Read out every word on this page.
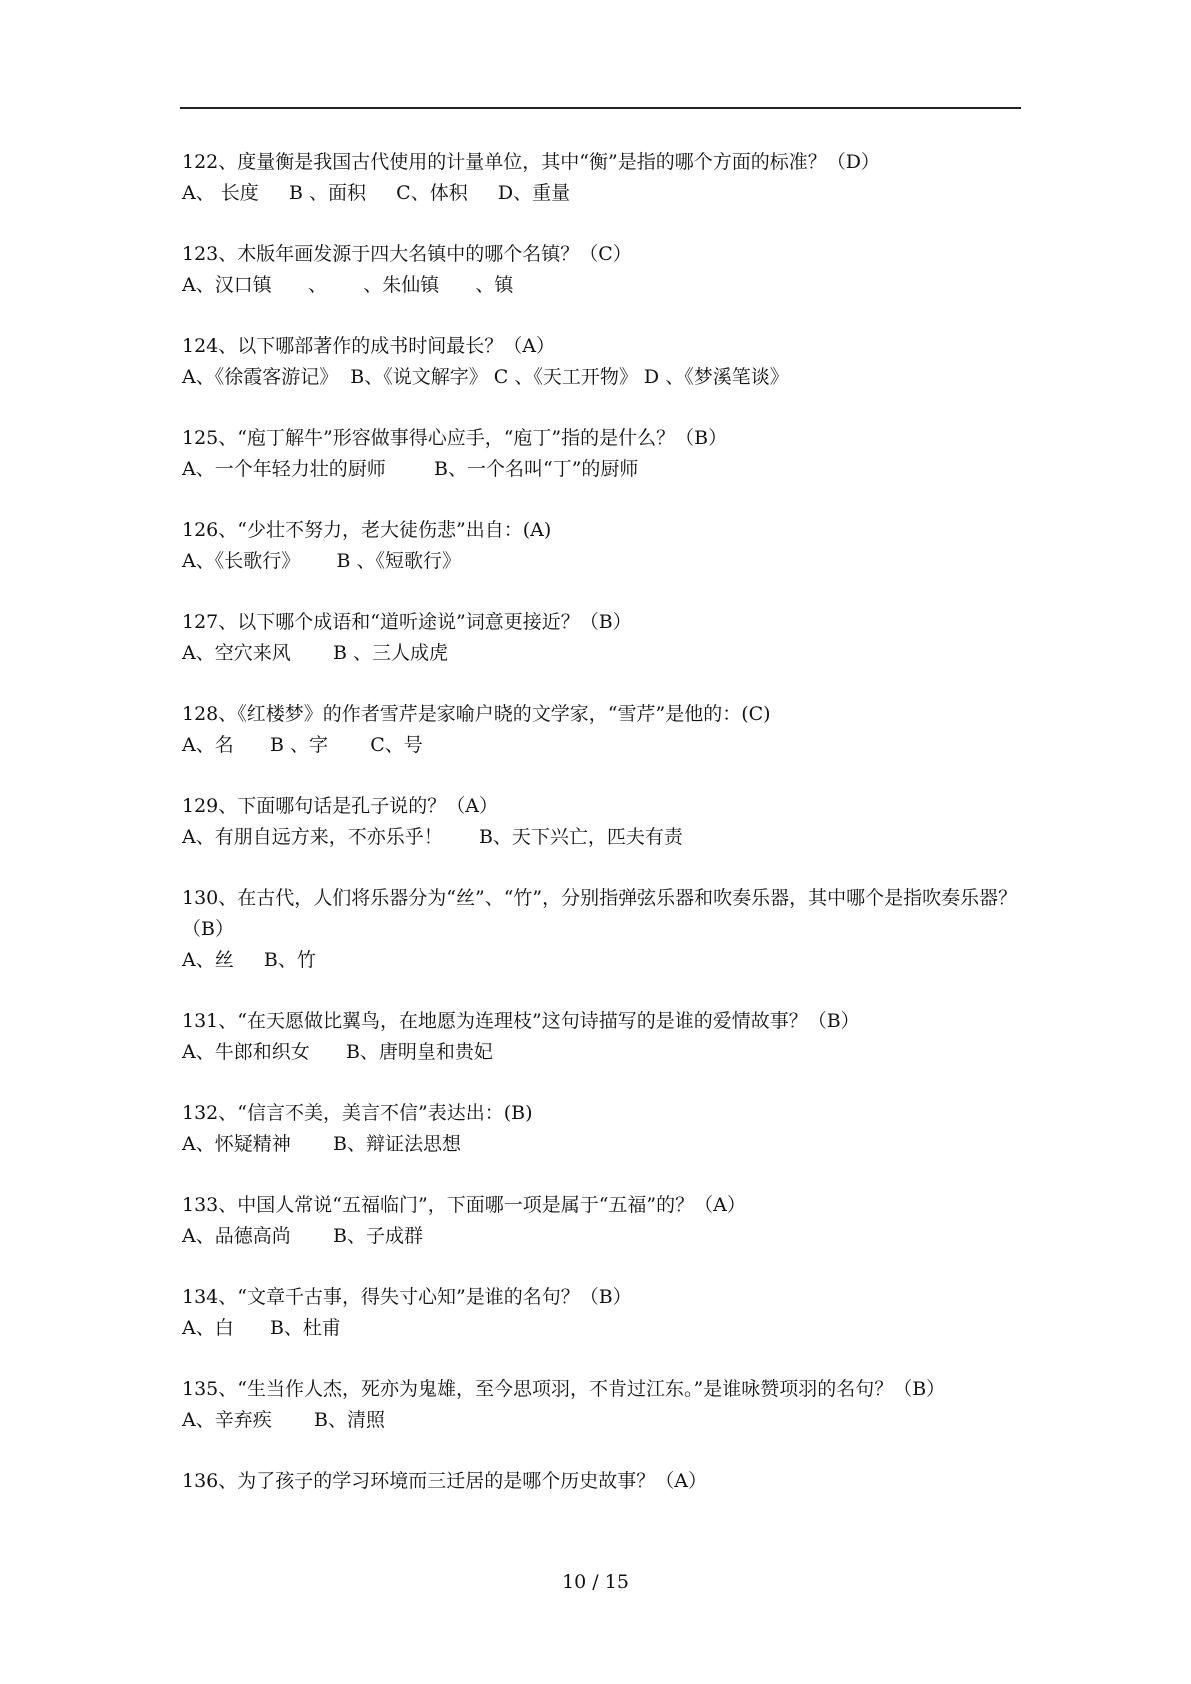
122、度量衡是我国古代使用的计量单位，其中“衡”是指的哪个方面的标准？（D）
A、 长度     B 、面积     C、体积     D、重量
123、木版年画发源于四大名镇中的哪个名镇？（C）
A、汉口镇      、      、朱仙镇      、镇
124、以下哪部著作的成书时间最长？（A）
A、《徐霞客游记》  B、《说文解字》 C 、《天工开物》 D 、《梦溪笔谈》
125、“庖丁解牛”形容做事得心应手，“庖丁”指的是什么？（B）
A、一个年轻力壮的厨师        B、一个名叫“丁”的厨师
126、“少壮不努力，老大徒伤悲”出自：(A)
A、《长歌行》      B 、《短歌行》
127、以下哪个成语和“道听途说”词意更接近？（B）
A、空穴来风       B 、三人成虎
128、《红楼梦》的作者雪芹是家喻户晓的文学家，“雪芹”是他的：(C)
A、名      B 、字       C、号
129、下面哪句话是孔子说的？（A）
A、有朋自远方来，不亦乐乎！      B、天下兴亡，匹夫有责
130、在古代，人们将乐器分为“丝”、“竹”，分别指弹弦乐器和吹奏乐器，其中哪个是指吹奏乐器？（B）
A、丝     B、竹
131、“在天愿做比翼鸟，在地愿为连理枝”这句诗描写的是谁的爱情故事？（B）
A、牛郎和织女      B、唐明皇和贵妃
132、“信言不美，美言不信”表达出：(B)
A、怀疑精神       B、辩证法思想
133、中国人常说“五福临门”，下面哪一项是属于“五福”的？（A）
A、品德高尚       B、子成群
134、“文章千古事，得失寸心知”是谁的名句？（B）
A、白      B、杜甫
135、“生当作人杰，死亦为鬼雄，至今思项羽，不肯过江东。”是谁咏赞项羽的名句？（B）
A、辛弃疾       B、清照
136、为了孩子的学习环境而三迁居的是哪个历史故事？（A）
10 / 15
